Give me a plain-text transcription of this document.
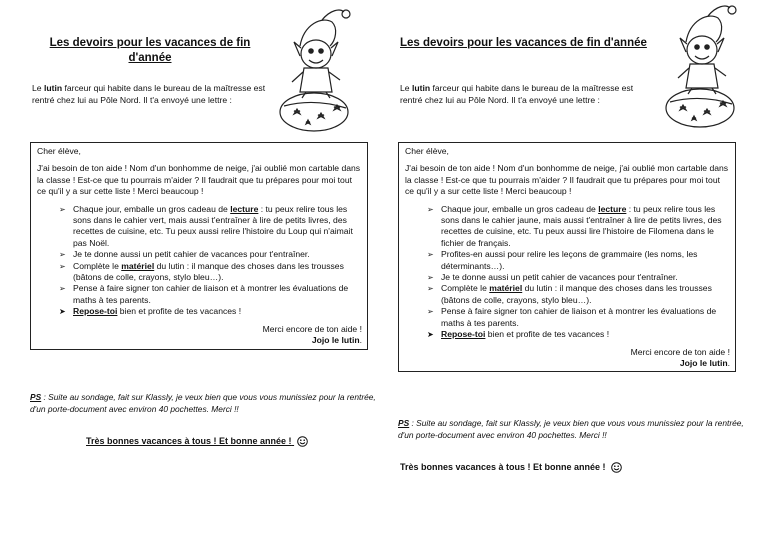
Les devoirs pour les vacances de fin
d'année
Le lutin farceur qui habite dans le bureau de la maîtresse est rentré chez lui au Pôle Nord. Il t'a envoyé une lettre :

Cher élève,

J'ai besoin de ton aide ! Nom d'un bonhomme de neige, j'ai oublié mon cartable dans la classe ! Est-ce que tu pourrais m'aider ? Il faudrait que tu prépares pour moi tout ce qu'il y a sur cette liste ! Merci beaucoup !

➢ Chaque jour, emballe un gros cadeau de lecture : tu peux relire tous les sons dans le cahier vert, mais aussi t'entraîner à lire de petits livres, des recettes de cuisine, etc. Tu peux aussi relire l'histoire du Loup qui n'aimait pas Noël.
➢ Je te donne aussi un petit cahier de vacances pour t'entraîner.
➢ Complète le matériel du lutin : il manque des choses dans les trousses (bâtons de colle, crayons, stylo bleu…).
➢ Pense à faire signer ton cahier de liaison et à montrer les évaluations de maths à tes parents.
➤ Repose-toi bien et profite de tes vacances !
Merci encore de ton aide !
Jojo le lutin.
PS : Suite au sondage, fait sur Klassly, je veux bien que vous vous munissiez pour la rentrée, d'un porte-document avec environ 40 pochettes. Merci !!
Très bonnes vacances à tous ! Et bonne année !
Les devoirs pour les vacances de fin d'année
Le lutin farceur qui habite dans le bureau de la maîtresse est rentré chez lui au Pôle Nord. Il t'a envoyé une lettre :

Cher élève,

J'ai besoin de ton aide ! Nom d'un bonhomme de neige, j'ai oublié mon cartable dans la classe ! Est-ce que tu pourrais m'aider ? Il faudrait que tu prépares pour moi tout ce qu'il y a sur cette liste ! Merci beaucoup !

➢ Chaque jour, emballe un gros cadeau de lecture : tu peux relire tous les sons dans le cahier jaune, mais aussi t'entraîner à lire de petits livres, des recettes de cuisine, etc. Tu peux aussi lire l'histoire de Filomena dans le fichier de français.
➢ Profites-en aussi pour relire les leçons de grammaire (les noms, les déterminants…).
➢ Je te donne aussi un petit cahier de vacances pour t'entraîner.
➢ Complète le matériel du lutin : il manque des choses dans les trousses (bâtons de colle, crayons, stylo bleu…).
➢ Pense à faire signer ton cahier de liaison et à montrer les évaluations de maths à tes parents.
➤ Repose-toi bien et profite de tes vacances !
Merci encore de ton aide !
Jojo le lutin.
PS : Suite au sondage, fait sur Klassly, je veux bien que vous vous munissiez pour la rentrée, d'un porte-document avec environ 40 pochettes. Merci !!
Très bonnes vacances à tous ! Et bonne année !
